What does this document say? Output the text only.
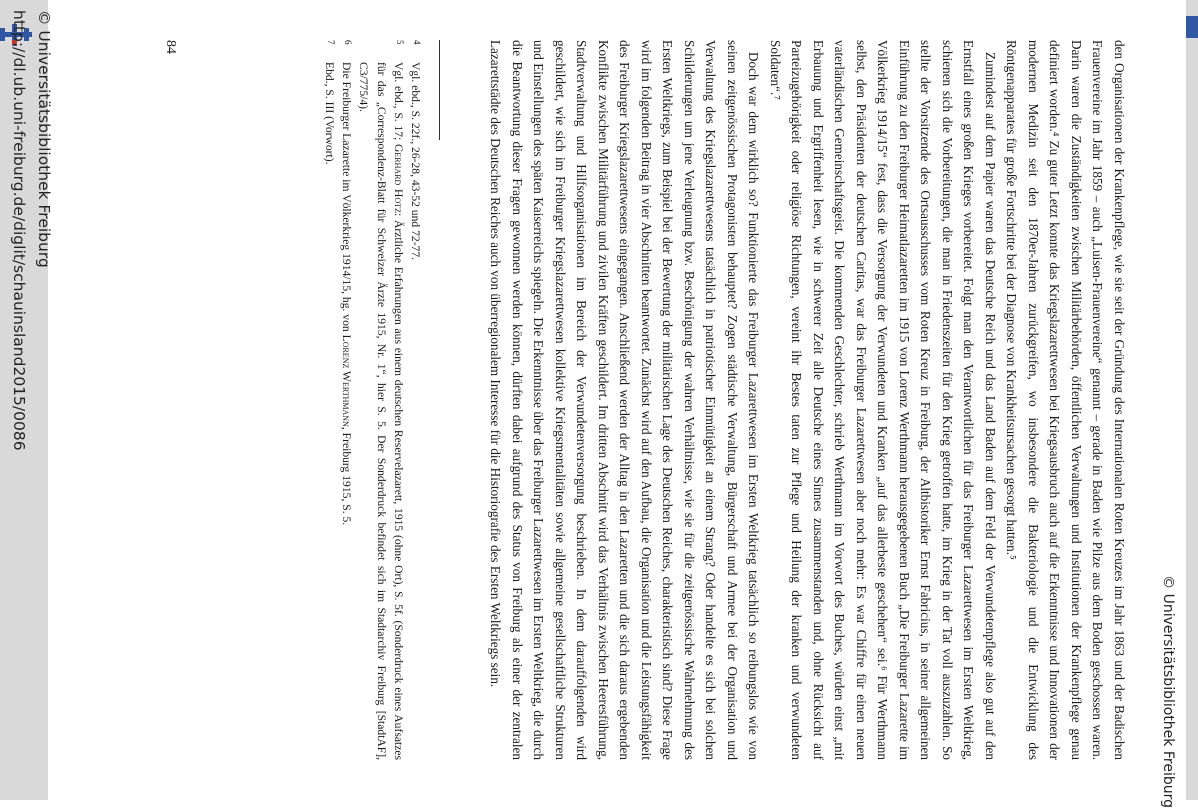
http://dl.ub.uni-freiburg.de/diglit/schauinsland2015/0086 © Universitätsbibliothek Freiburg
© Universitätsbibliothek Freiburg

den Organisationen der Krankenpflege, wie sie seit der Gründung des Internationalen Roten Kreuzes im Jahr 1863 und der Badischen Frauenvereine im Jahr 1859 – auch „Luisen-Frauenvereine“ genannt – gerade in Baden wie Pilze aus dem Boden geschossen waren. Darin waren die Zuständigkeiten zwischen Militärbehörden, öffentlichen Verwaltungen und Institutionen der Krankenpflege genau definiert worden.⁴ Zu guter Letzt konnte das Kriegslazarettwesen bei Kriegsausbruch auch auf die Erkenntnisse und Innovationen der modernen Medizin seit den 1870er-Jahren zurückgreifen, wo insbesondere die Bakteriologie und die Entwicklung des Röntgenapparates für große Fortschritte bei der Diagnose von Krankheitsursachen gesorgt hatten.⁵

Zumindest auf dem Papier waren das Deutsche Reich und das Land Baden auf dem Feld der Verwundetenpflege also gut auf den Ernstfall eines großen Krieges vorbereitet. Folgt man den Verantwortlichen für das Freiburger Lazarettwesen im Ersten Weltkrieg, schienen sich die Vorbereitungen, die man in Friedenszeiten für den Krieg getroffen hatte, im Krieg in der Tat voll auszuzahlen. So stellte der Vorsitzende des Ortsausschusses vom Roten Kreuz in Freiburg, der Altbistoriker Ernst Fabricius, in seiner allgemeinen Einführung zu den Freiburger Heimatlazaretten im 1915 von Lorenz Werthmann herausgegebenen Buch „Die Freiburger Lazarette im Völkerkrieg 1914/15“ fest, dass die Versorgung der Verwundeten und Kranken „auf das allerbeste geschehen“ sei.⁶ Für Werthmann selbst, den Präsidenten der deutschen Caritas, war das Freiburger Lazarettwesen aber noch mehr: Es war Chiffre für einen neuen vaterländischen Gemeinschaftsgeist. Die kommenden Geschlechter, schrieb Werthmann im Vorwort des Buches, würden einst „mit Erbauung und Ergriffenheit lesen, wie in schwerer Zeit alle Deutsche eines Sinnes zusammenstanden und, ohne Rücksicht auf Parteizugehörigkeit oder religiöse Richtungen, vereint ihr Bestes taten zur Pflege und Heilung der kranken und verwundeten Soldaten“.⁷

Doch war dem wirklich so? Funktionierte das Freiburger Lazarettwesen im Ersten Weltkrieg tatsächlich so reibungslos wie von seinen zeitgenössischen Protagonisten behauptet? Zogen städtische Verwaltung, Bürgerschaft und Armee bei der Organisation und Verwaltung des Kriegslazarettwesens tatsächlich in patriotischer Einmütigkeit an einem Strang? Oder handelte es sich bei solchen Schilderungen um jene Verleugnung bzw. Beschönigung der wahren Verhältnisse, wie sie für die zeitgenössische Wahrnehmung des Ersten Weltkriegs, zum Beispiel bei der Bewertung der militärischen Lage des Deutschen Reiches, charakteristisch sind? Diese Frage wird im folgenden Beitrag in vier Abschnitten beantwortet. Zunächst wird auf den Aufbau, die Organisation und die Leistungsfähigkeit des Freiburger Kriegslazarettwesens eingegangen. Anschließend werden der Alltag in den Lazaretten und die sich daraus ergebenden Konflikte zwischen Militärführung und zivilen Kräften geschildert. Im dritten Abschnitt wird das Verhältnis zwischen Heeresführung, Stadtverwaltung und Hilfsorganisationen im Bereich der Verwundetenversorgung beschrieben. In dem darauffolgenden wird geschildert, wie sich im Freiburger Kriegslazarettwesen kollektive Kriegsmentalitäten sowie allgemeine gesellschaftliche Strukturen und Einstellungen des späten Kaiserreichs spiegeln. Die Erkenntnisse über das Freiburger Lazarettwesen im Ersten Weltkrieg, die durch die Beantwortung dieser Fragen gewonnen werden können, dürften dabei aufgrund des Status von Freiburg als einer der zentralen Lazarettstädte des Deutschen Reiches auch von überregionalem Interesse für die Historiografie des Ersten Weltkriegs sein.

4
Vgl. ebd., S. 22f., 26-28, 43-52 und 72-77.
5
Vgl. ebd., S. 17; Gerhard Hotz: Ärztliche Erfahrungen aus einem deutschen Reservelazarett, 1915 (ohne Ort), S. 5f. (Sonderdruck eines Aufsatzes für das „Correspondenz-Blatt für Schweizer Ärzte 1915, Nr. 1“, hier S. 5. Der Sonderdruck befindet sich im Stadtarchiv Freiburg [StadtAF], C3/775/4).
6
Die Freiburger Lazarette im Völkerkrieg 1914/15, hg. von Lorenz Werthmann, Freiburg 1915, S. 5.
7
Ebd., S. III (Vorwort).
84
